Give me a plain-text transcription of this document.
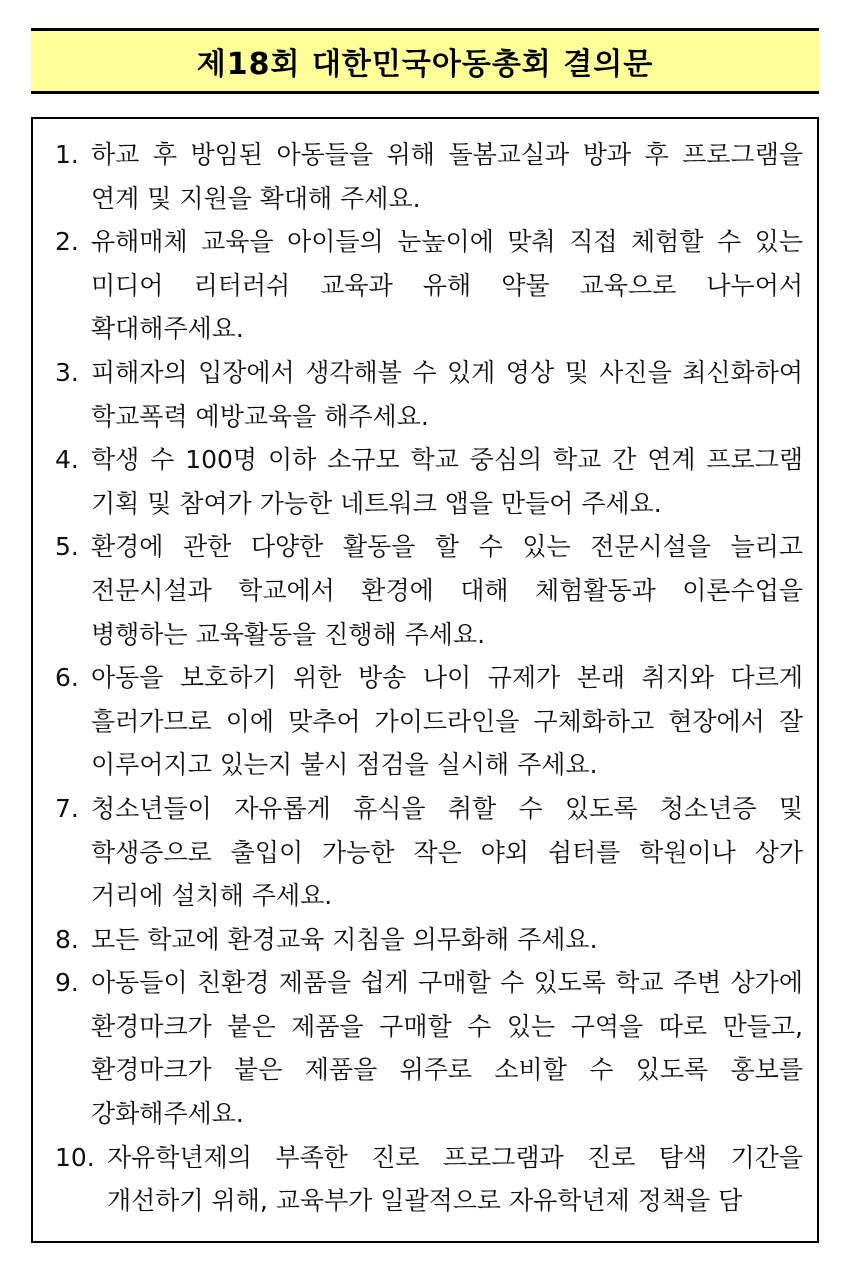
제18회 대한민국아동총회 결의문
1. 하교 후 방임된 아동들을 위해 돌봄교실과 방과 후 프로그램을 연계 및 지원을 확대해 주세요.
2. 유해매체 교육을 아이들의 눈높이에 맞춰 직접 체험할 수 있는 미디어 리터러쉬 교육과 유해 약물 교육으로 나누어서 확대해주세요.
3. 피해자의 입장에서 생각해볼 수 있게 영상 및 사진을 최신화하여 학교폭력 예방교육을 해주세요.
4. 학생 수 100명 이하 소규모 학교 중심의 학교 간 연계 프로그램 기획 및 참여가 가능한 네트워크 앱을 만들어 주세요.
5. 환경에 관한 다양한 활동을 할 수 있는 전문시설을 늘리고 전문시설과 학교에서 환경에 대해 체험활동과 이론수업을 병행하는 교육활동을 진행해 주세요.
6. 아동을 보호하기 위한 방송 나이 규제가 본래 취지와 다르게 흘러가므로 이에 맞추어 가이드라인을 구체화하고 현장에서 잘 이루어지고 있는지 불시 점검을 실시해 주세요.
7. 청소년들이 자유롭게 휴식을 취할 수 있도록 청소년증 및 학생증으로 출입이 가능한 작은 야외 쉼터를 학원이나 상가 거리에 설치해 주세요.
8. 모든 학교에 환경교육 지침을 의무화해 주세요.
9. 아동들이 친환경 제품을 쉽게 구매할 수 있도록 학교 주변 상가에 환경마크가 붙은 제품을 구매할 수 있는 구역을 따로 만들고, 환경마크가 붙은 제품을 위주로 소비할 수 있도록 홍보를 강화해주세요.
10. 자유학년제의 부족한 진로 프로그램과 진로 탐색 기간을 개선하기 위해, 교육부가 일괄적으로 자유학년제 정책을 담
